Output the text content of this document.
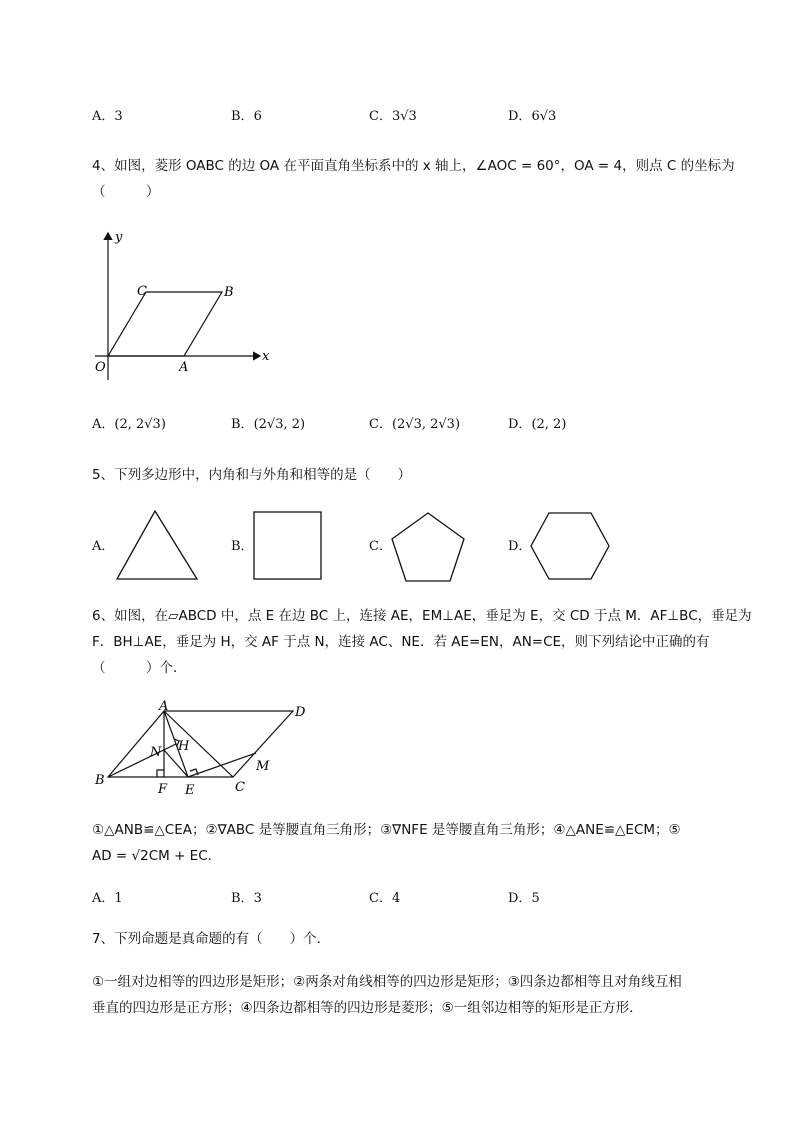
A．3	B．6	C．3√3	D．6√3
4、如图，菱形 OABC 的边 OA 在平面直角坐标系中的 x 轴上，∠AOC = 60°，OA = 4，则点 C 的坐标为
（　　　）
y
x
O	A
B
C
A．(2, 2√3)	B．(2√3, 2)	C．(2√3, 2√3)	D．(2, 2)
5、下列多边形中，内角和与外角和相等的是（　　）
A．	B．	C．	D．
6、如图，在▱ABCD 中，点 E 在边 BC 上，连接 AE，EM⊥AE，垂足为 E，交 CD 于点 M．AF⊥BC，垂足为
F．BH⊥AE，垂足为 H，交 AF 于点 N，连接 AC、NE．若 AE=EN，AN=CE，则下列结论中正确的有
（　　　）个．
A	D
H
N
M
B
F E	C
①△ANB≌△CEA；②∇ABC 是等腰直角三角形；③∇NFE 是等腰直角三角形；④△ANE≌△ECM；⑤
AD = √2CM + EC．
A．1	B．3	C．4	D．5
7、下列命题是真命题的有（　　）个．
①一组对边相等的四边形是矩形；②两条对角线相等的四边形是矩形；③四条边都相等且对角线互相
垂直的四边形是正方形；④四条边都相等的四边形是菱形；⑤一组邻边相等的矩形是正方形．
